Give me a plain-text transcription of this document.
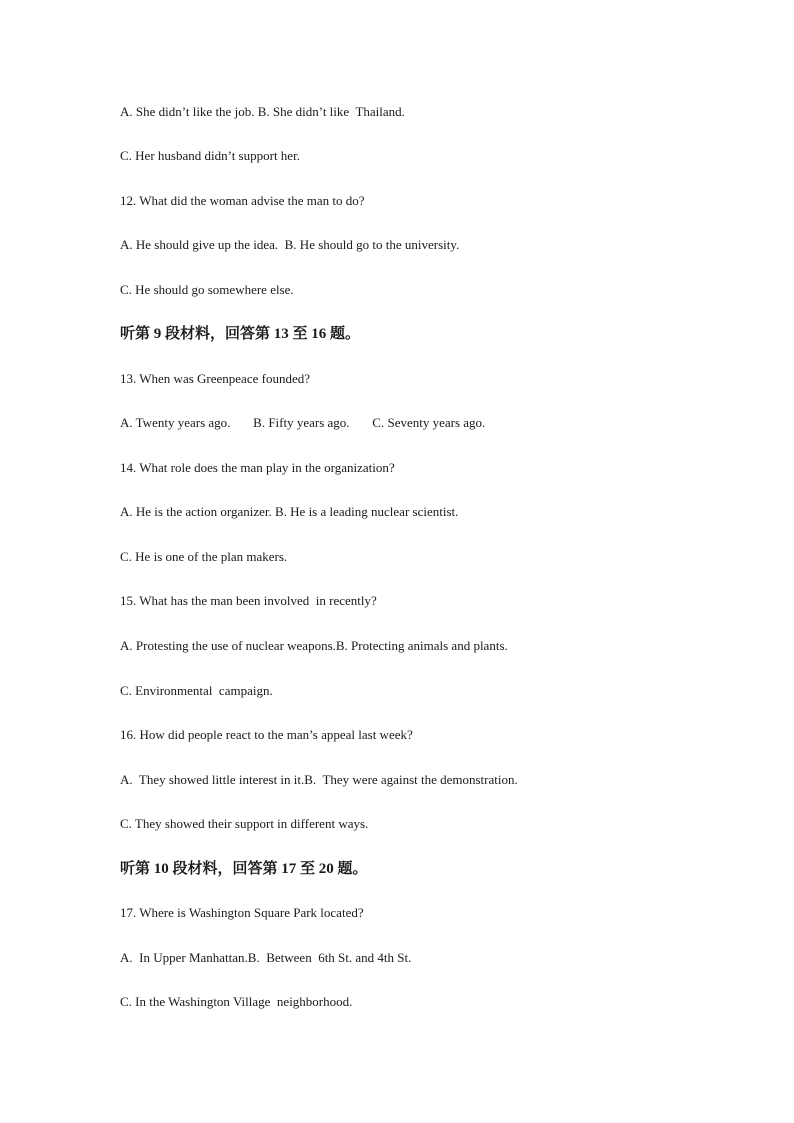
A. She didn’t like the job. B. She didn’t like  Thailand.
C. Her husband didn’t support her.
12. What did the woman advise the man to do?
A. He should give up the idea.  B. He should go to the university.
C. He should go somewhere else.
听第 9 段材料，回答第 13 至 16 题。
13. When was Greenpeace founded?
A. Twenty years ago.       B. Fifty years ago.       C. Seventy years ago.
14. What role does the man play in the organization?
A. He is the action organizer. B. He is a leading nuclear scientist.
C. He is one of the plan makers.
15. What has the man been involved  in recently?
A. Protesting the use of nuclear weapons.B. Protecting animals and plants.
C. Environmental  campaign.
16. How did people react to the man’s appeal last week?
A.  They showed little interest in it.B.  They were against the demonstration.
C. They showed their support in different ways.
听第 10 段材料，回答第 17 至 20 题。
17. Where is Washington Square Park located?
A.  In Upper Manhattan.B.  Between  6th St. and 4th St.
C. In the Washington Village  neighborhood.
